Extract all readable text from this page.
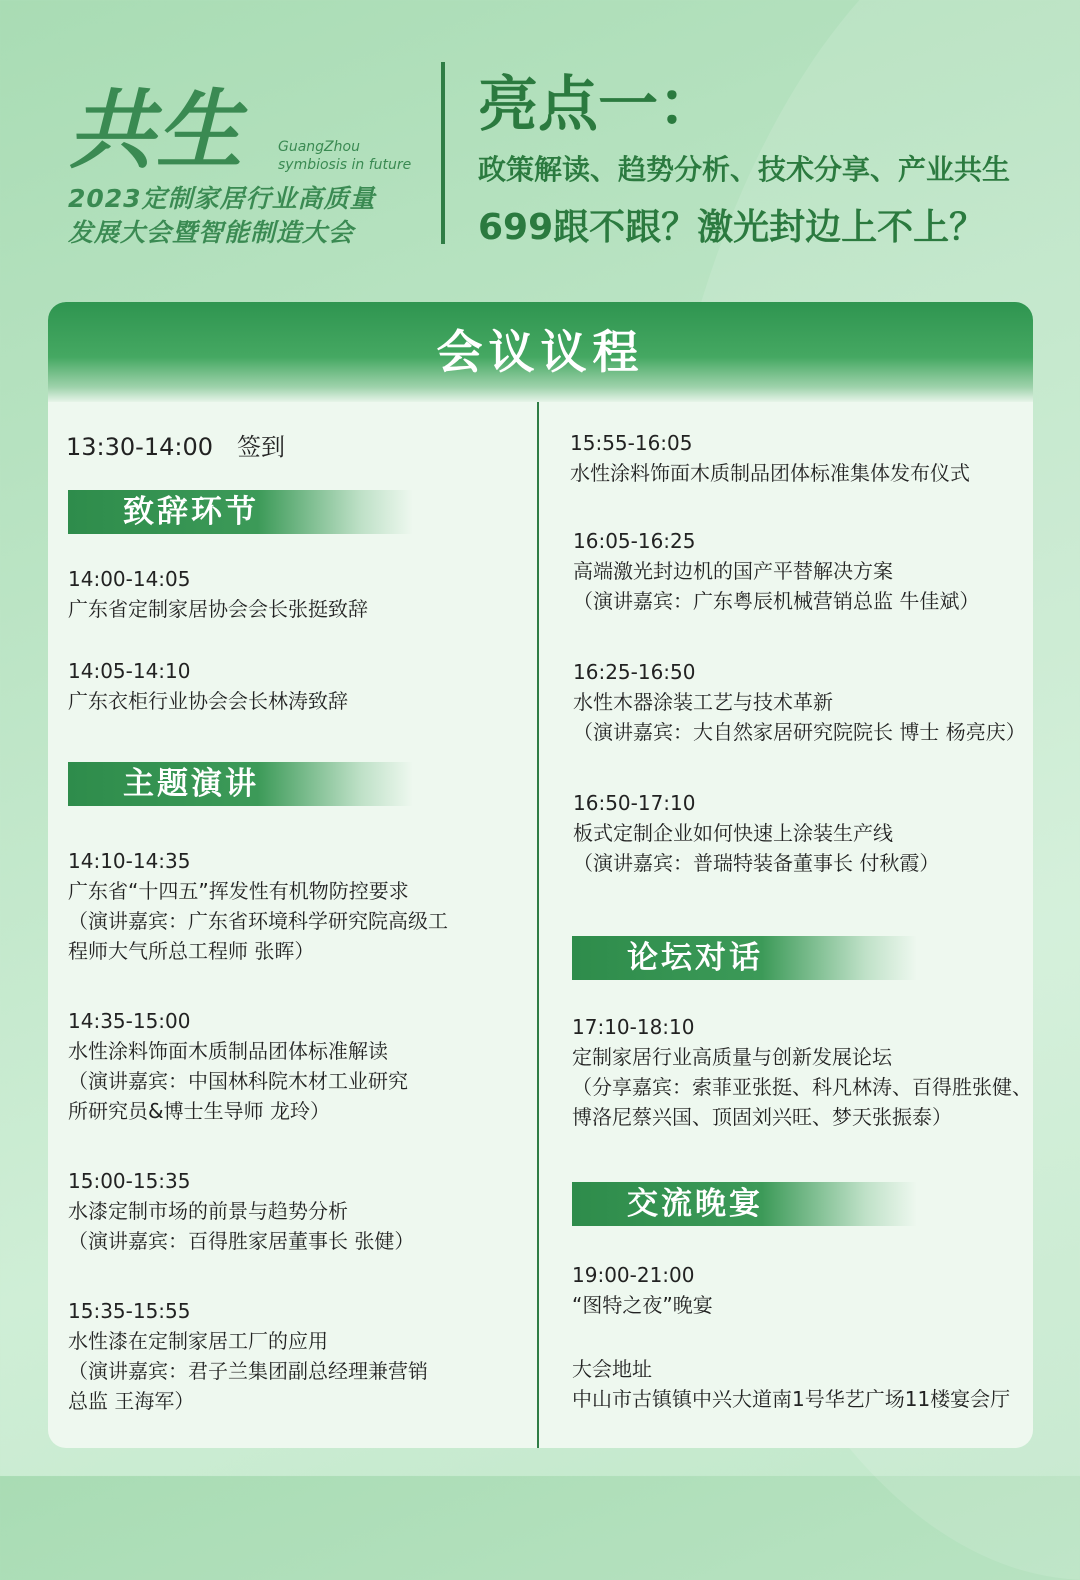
共生 GuangZhou
symbiosis in future
2023定制家居行业高质量
发展大会暨智能制造大会
亮点一：
政策解读、趋势分析、技术分享、产业共生
699跟不跟？激光封边上不上？
会议议程
13:30-14:00　签到
致辞环节
14:00-14:05
广东省定制家居协会会长张挺致辞
14:05-14:10
广东衣柜行业协会会长林涛致辞
主题演讲
14:10-14:35
广东省“十四五”挥发性有机物防控要求
（演讲嘉宾：广东省环境科学研究院高级工
程师大气所总工程师 张晖）
14:35-15:00
水性涂料饰面木质制品团体标准解读
（演讲嘉宾：中国林科院木材工业研究
所研究员&博士生导师 龙玲）
15:00-15:35
水漆定制市场的前景与趋势分析
（演讲嘉宾：百得胜家居董事长 张健）
15:35-15:55
水性漆在定制家居工厂的应用
（演讲嘉宾：君子兰集团副总经理兼营销
总监 王海军）
15:55-16:05
水性涂料饰面木质制品团体标准集体发布仪式
16:05-16:25
高端激光封边机的国产平替解决方案
（演讲嘉宾：广东粤辰机械营销总监 牛佳斌）
16:25-16:50
水性木器涂装工艺与技术革新
（演讲嘉宾：大自然家居研究院院长 博士 杨亮庆）
16:50-17:10
板式定制企业如何快速上涂装生产线
（演讲嘉宾：普瑞特装备董事长 付秋霞）
论坛对话
17:10-18:10
定制家居行业高质量与创新发展论坛
（分享嘉宾：索菲亚张挺、科凡林涛、百得胜张健、
博洛尼蔡兴国、顶固刘兴旺、梦天张振泰）
交流晚宴
19:00-21:00
“图特之夜”晚宴
大会地址
中山市古镇镇中兴大道南1号华艺广场11楼宴会厅
